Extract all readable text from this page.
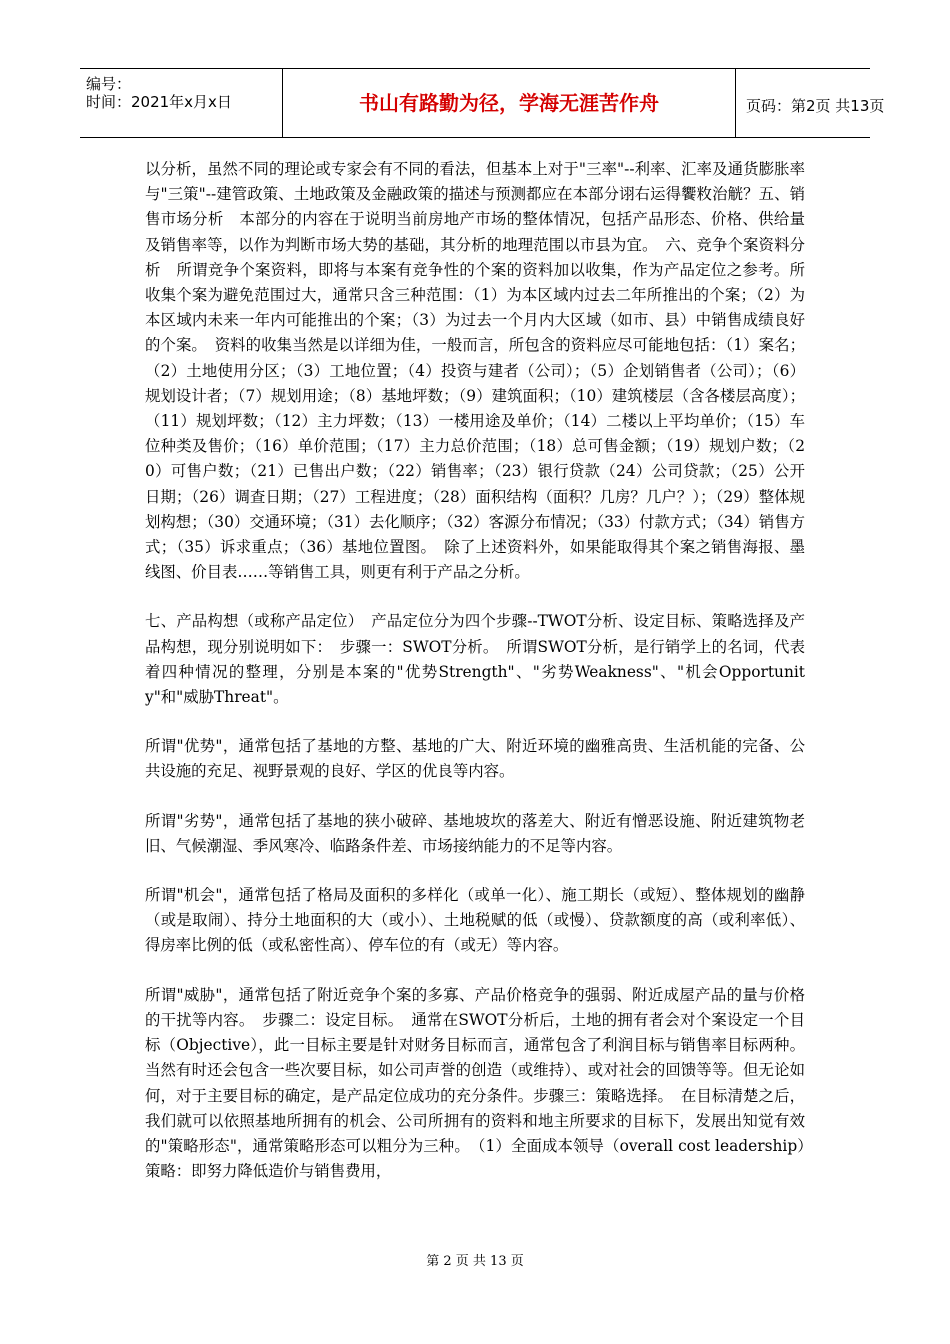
编号：
时间：2021年x月x日	书山有路勤为径，学海无涯苦作舟	页码：第2页 共13页

以分析，虽然不同的理论或专家会有不同的看法，但基本上对于"三率"--利率、汇率及通货膨胀率与"三策"--建管政策、土地政策及金融政策的描述与预测都应在本部分诩右运得饗敉治觥？五、销售市场分析　本部分的内容在于说明当前房地产市场的整体情况，包括产品形态、价格、供给量及销售率等，以作为判断市场大势的基础，其分析的地理范围以市县为宜。　六、竞争个案资料分析　所谓竞争个案资料，即将与本案有竞争性的个案的资料加以收集，作为产品定位之参考。所收集个案为避免范围过大，通常只含三种范围：（1）为本区域内过去二年所推出的个案；（2）为本区域内未来一年内可能推出的个案；（3）为过去一个月内大区域（如市、县）中销售成绩良好的个案。　资料的收集当然是以详细为佳，一般而言，所包含的资料应尽可能地包括：（1）案名；（2）土地使用分区；（3）工地位置；（4）投资与建者（公司）；（5）企划销售者（公司）；（6）规划设计者；（7）规划用途；（8）基地坪数；（9）建筑面积；（10）建筑楼层（含各楼层高度）；（11）规划坪数；（12）主力坪数；（13）一楼用途及单价；（14）二楼以上平均单价；（15）车位种类及售价；（16）单价范围；（17）主力总价范围；（18）总可售金额；（19）规划户数；（20）可售户数；（21）已售出户数；（22）销售率；（23）银行贷款（24）公司贷款；（25）公开日期；（26）调查日期；（27）工程进度；（28）面积结构（面积？几房？几户？）；（29）整体规划构想；（30）交通环境；（31）去化顺序；（32）客源分布情况；（33）付款方式；（34）销售方式；（35）诉求重点；（36）基地位置图。　除了上述资料外，如果能取得其个案之销售海报、墨线图、价目表……等销售工具，则更有利于产品之分析。

七、产品构想（或称产品定位）　产品定位分为四个步骤--TWOT分析、设定目标、策略选择及产品构想，现分别说明如下：　步骤一：SWOT分析。　所谓SWOT分析，是行销学上的名词，代表着四种情况的整理，分别是本案的"优势Strength"、"劣势Weakness"、"机会Opportunity"和"威胁Threat"。

所谓"优势"，通常包括了基地的方整、基地的广大、附近环境的幽雅高贵、生活机能的完备、公共设施的充足、视野景观的良好、学区的优良等内容。

所谓"劣势"，通常包括了基地的狭小破碎、基地坡坎的落差大、附近有憎恶设施、附近建筑物老旧、气候潮湿、季风寒冷、临路条件差、市场接纳能力的不足等内容。

所谓"机会"，通常包括了格局及面积的多样化（或单一化）、施工期长（或短）、整体规划的幽静（或是取闹）、持分土地面积的大（或小）、土地税赋的低（或慢）、贷款额度的高（或利率低）、得房率比例的低（或私密性高）、停车位的有（或无）等内容。

所谓"威胁"，通常包括了附近竞争个案的多寡、产品价格竞争的强弱、附近成屋产品的量与价格的干扰等内容。　步骤二：设定目标。　通常在SWOT分析后，土地的拥有者会对个案设定一个目标（Objective），此一目标主要是针对财务目标而言，通常包含了利润目标与销售率目标两种。当然有时还会包含一些次要目标，如公司声誉的创造（或维持）、或对社会的回馈等等。但无论如何，对于主要目标的确定，是产品定位成功的充分条件。步骤三：策略选择。　在目标清楚之后，我们就可以依照基地所拥有的机会、公司所拥有的资料和地主所要求的目标下，发展出知觉有效的"策略形态"，通常策略形态可以粗分为三种。　（1）全面成本领导（overall cost leadership）策略：即努力降低造价与销售费用，

第 2 页 共 13 页
